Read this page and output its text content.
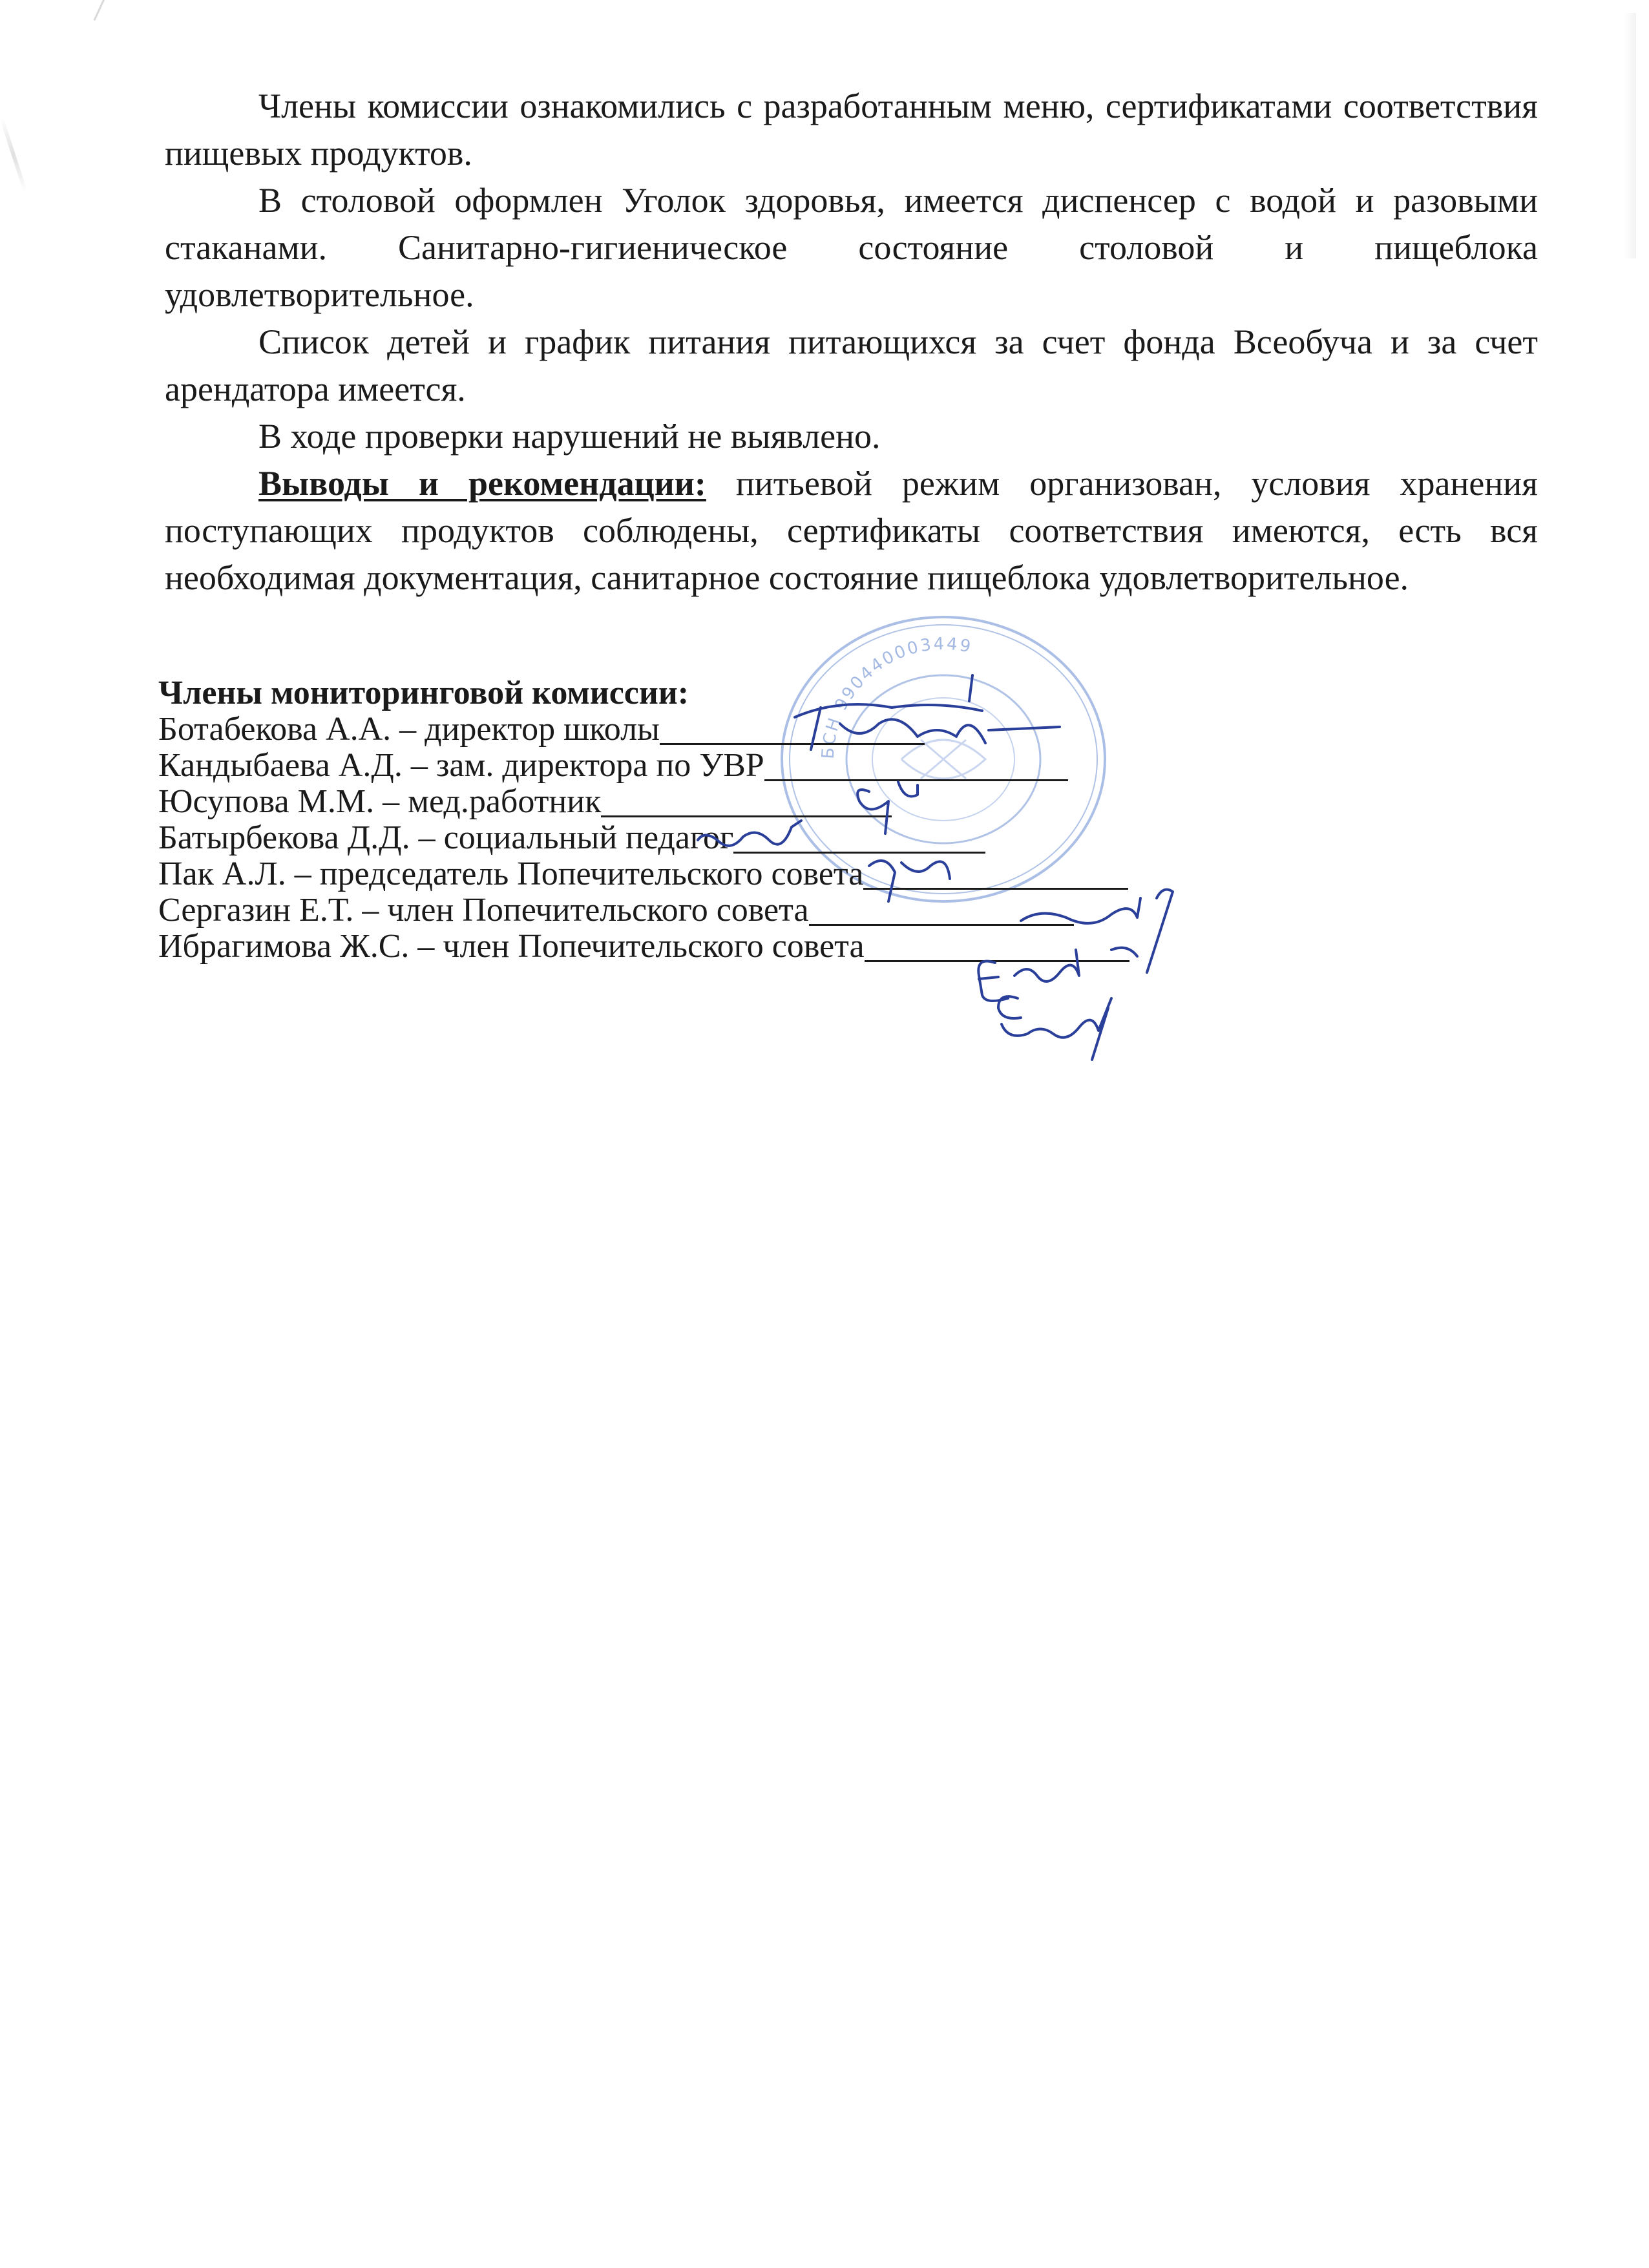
Члены комиссии ознакомились с разработанным меню, сертификатами соответствия пищевых продуктов.

В столовой оформлен Уголок здоровья, имеется диспенсер с водой и разовыми стаканами. Санитарно-гигиеническое состояние столовой и пищеблока удовлетворительное.

Список детей и график питания питающихся за счет фонда Всеобуча и за счет арендатора имеется.

В ходе проверки нарушений не выявлено.

Выводы и рекомендации: питьевой режим организован, условия хранения поступающих продуктов соблюдены, сертификаты соответствия имеются, есть вся необходимая документация, санитарное состояние пищеблока удовлетворительное.

БСН 990440003449

Члены мониторинговой комиссии:

Ботабекова А.А. – директор школы

Кандыбаева А.Д. – зам. директора по УВР

Юсупова М.М. – мед.работник

Батырбекова Д.Д. – социальный педагог

Пак А.Л. – председатель Попечительского совета

Сергазин Е.Т. – член Попечительского совета

Ибрагимова Ж.С. – член Попечительского совета
